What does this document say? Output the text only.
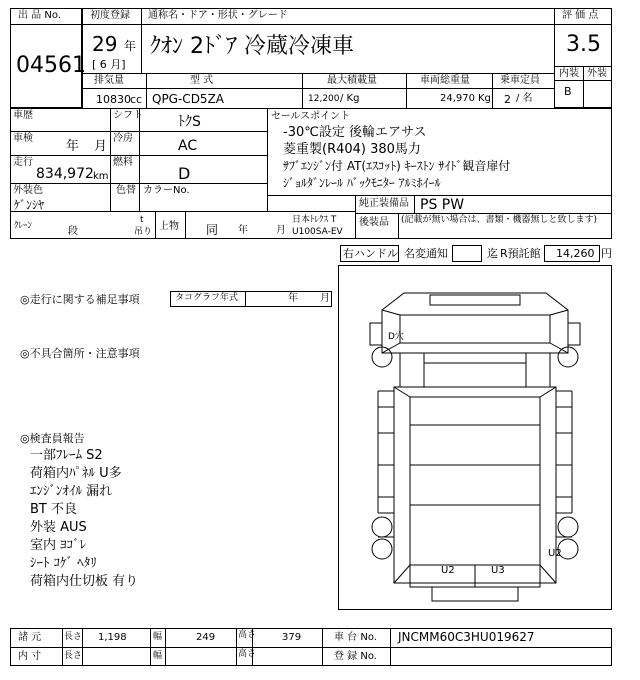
出 品 No.
04561
初度登録
29 年
[ 6 月]
通称名・ドア・形状・グレード
ｸｵﾝ 2ﾄﾞｱ 冷蔵冷凍車
評 価 点
3.5
内装 外装
B
排気量	型 式	最大積載量	車両総重量	乗車定員
10830 cc QPG-CD5ZA	12,200 / Kg	24,970 Kg 2 / 名
車歴	シフト	ﾄｸS
車検
年 月
冷房	AC
走行
834,972 km
燃料
D
外装色
ｹﾞﾝｼﾔ
色替 カラーNo.
セールスポイント
-30℃設定 後輪エアサス
菱重製(R404) 380馬力
ｻﾌﾞｴﾝｼﾞﾝ付 AT(ｴｽｺｯﾄ) ｷｰｽﾄﾝ ｻｲﾄﾞ観音扉付
ｼﾞｮﾙﾀﾞﾝﾚｰﾙ ﾊﾞｯｸﾓﾆﾀｰ ｱﾙﾐﾎｲｰﾙ
純正装備品 PS PW
後装品 (記載が無い場合は、書類・機器無しと致します)
ｸﾚｰﾝ	段
t
吊り 上物 同 年	月
日本ﾄﾚｸｽ T
U100SA-EV
右ハンドル 名変通知	迄 R預託館 14,260 円
◎走行に関する補足事項	タコグラフ年式	年 月
◎不具合箇所・注意事項
◎検査員報告
一部ﾌﾚｰﾑ S2
荷箱内ﾊﾟﾈﾙ U多
ｴﾝｼﾞﾝｵｲﾙ 漏れ
BT 不良
外装 AUS
室内 ﾖｺﾞﾚ
ｼｰﾄ ｺｹﾞ ﾍﾀﾘ
荷箱内仕切板 有り
D穴
U2
U2	U3
諸 元	長さ 1,198	幅	249	高さ	379	車 台 No. JNCMM60C3HU019627
内 寸	長さ	幅	高さ	登 録 No.
